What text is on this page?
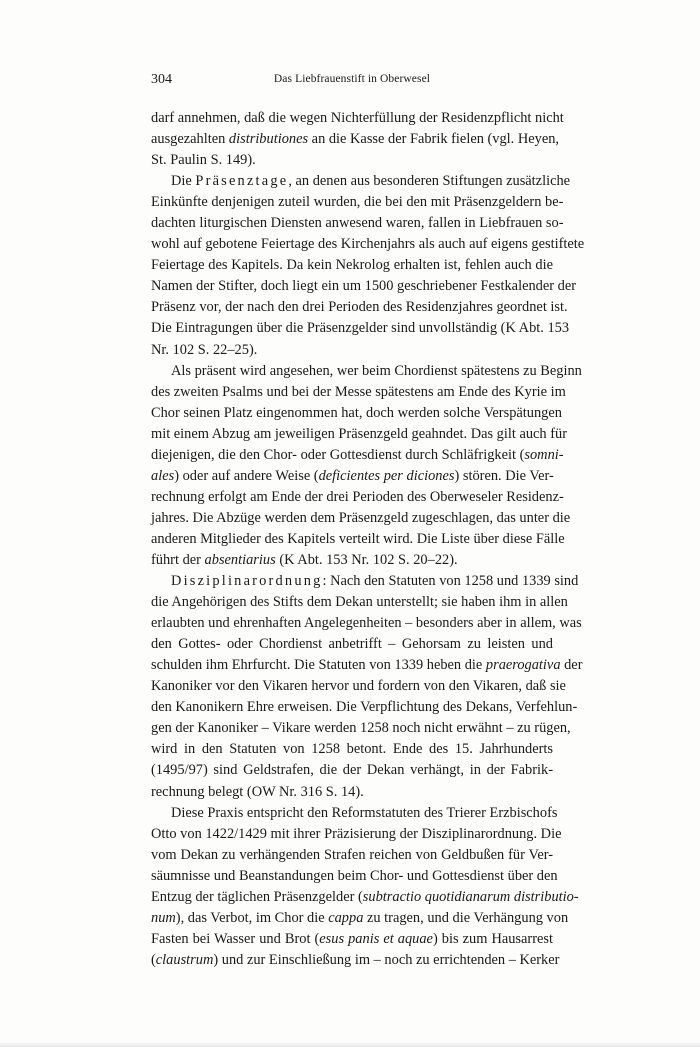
304	Das Liebfrauenstift in Oberwesel
darf annehmen, daß die wegen Nichterfüllung der Residenzpflicht nicht
ausgezahlten distributiones an die Kasse der Fabrik fielen (vgl. Heyen,
St. Paulin S. 149).
Die Präsenztage, an denen aus besonderen Stiftungen zusätzliche
Einkünfte denjenigen zuteil wurden, die bei den mit Präsenzgeldern be-
dachten liturgischen Diensten anwesend waren, fallen in Liebfrauen so-
wohl auf gebotene Feiertage des Kirchenjahrs als auch auf eigens gestiftete
Feiertage des Kapitels. Da kein Nekrolog erhalten ist, fehlen auch die
Namen der Stifter, doch liegt ein um 1500 geschriebener Festkalender der
Präsenz vor, der nach den drei Perioden des Residenzjahres geordnet ist.
Die Eintragungen über die Präsenzgelder sind unvollständig (K Abt. 153
Nr. 102 S. 22–25).
Als präsent wird angesehen, wer beim Chordienst spätestens zu Beginn
des zweiten Psalms und bei der Messe spätestens am Ende des Kyrie im
Chor seinen Platz eingenommen hat, doch werden solche Verspätungen
mit einem Abzug am jeweiligen Präsenzgeld geahndet. Das gilt auch für
diejenigen, die den Chor- oder Gottesdienst durch Schläfrigkeit (somni-
ales) oder auf andere Weise (deficientes per diciones) stören. Die Ver-
rechnung erfolgt am Ende der drei Perioden des Oberweseler Residenz-
jahres. Die Abzüge werden dem Präsenzgeld zugeschlagen, das unter die
anderen Mitglieder des Kapitels verteilt wird. Die Liste über diese Fälle
führt der absentiarius (K Abt. 153 Nr. 102 S. 20–22).
Disziplinarordnung: Nach den Statuten von 1258 und 1339 sind
die Angehörigen des Stifts dem Dekan unterstellt; sie haben ihm in allen
erlaubten und ehrenhaften Angelegenheiten – besonders aber in allem, was
den Gottes- oder Chordienst anbetrifft – Gehorsam zu leisten und
schulden ihm Ehrfurcht. Die Statuten von 1339 heben die praerogativa der
Kanoniker vor den Vikaren hervor und fordern von den Vikaren, daß sie
den Kanonikern Ehre erweisen. Die Verpflichtung des Dekans, Verfehlun-
gen der Kanoniker – Vikare werden 1258 noch nicht erwähnt – zu rügen,
wird in den Statuten von 1258 betont. Ende des 15. Jahrhunderts
(1495/97) sind Geldstrafen, die der Dekan verhängt, in der Fabrik-
rechnung belegt (OW Nr. 316 S. 14).
Diese Praxis entspricht den Reformstatuten des Trierer Erzbischofs
Otto von 1422/1429 mit ihrer Präzisierung der Disziplinarordnung. Die
vom Dekan zu verhängenden Strafen reichen von Geldbußen für Ver-
säumnisse und Beanstandungen beim Chor- und Gottesdienst über den
Entzug der täglichen Präsenzgelder (subtractio quotidianarum distributio-
num), das Verbot, im Chor die cappa zu tragen, und die Verhängung von
Fasten bei Wasser und Brot (esus panis et aquae) bis zum Hausarrest
(claustrum) und zur Einschließung im – noch zu errichtenden – Kerker
